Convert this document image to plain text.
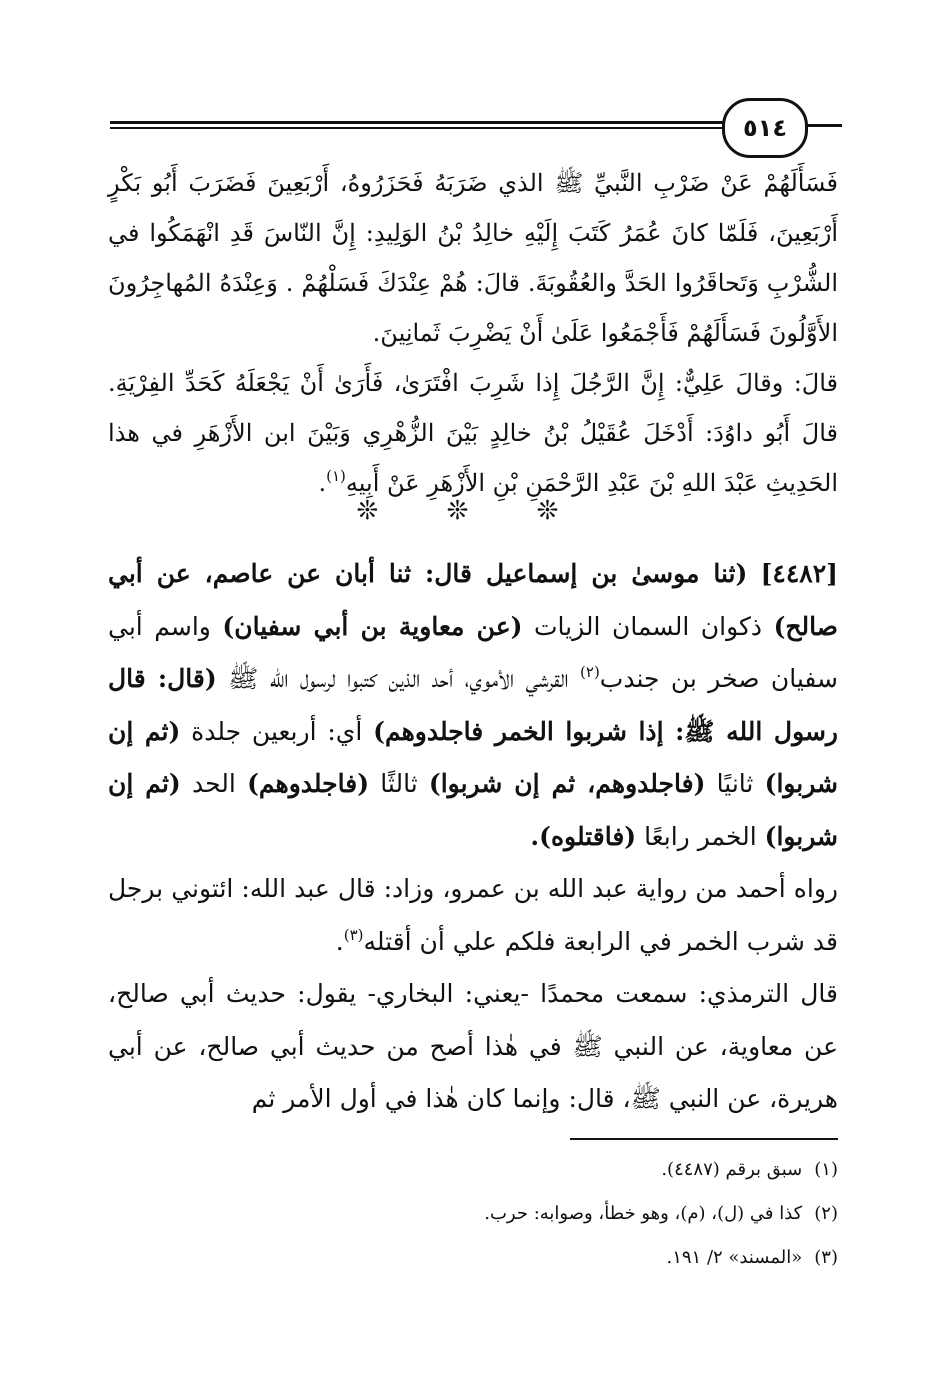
٥١٤

فَسَأَلَهُمْ عَنْ ضَرْبِ النَّبيِّ ﷺ الذي ضَرَبَهُ فَحَزَرُوهُ، أَرْبَعِينَ فَضَرَبَ أَبُو بَكْرٍ أَرْبَعِينَ، فَلَمّا كانَ عُمَرُ كَتَبَ إِلَيْهِ خالِدُ بْنُ الوَلِيدِ: إِنَّ النّاسَ قَدِ انْهَمَكُوا في الشُّرْبِ وَتَحاقَرُوا الحَدَّ والعُقُوبَةَ. قالَ: هُمْ عِنْدَكَ فَسَلْهُمْ . وَعِنْدَهُ المُهاجِرُونَ الأَوَّلُونَ فَسَأَلَهُمْ فَأَجْمَعُوا عَلَىٰ أَنْ يَضْرِبَ ثَمانِينَ.

قالَ: وقالَ عَلِيٌّ: إِنَّ الرَّجُلَ إِذا شَرِبَ افْتَرَىٰ، فَأَرَىٰ أَنْ يَجْعَلَهُ كَحَدِّ الفِرْيَةِ. قالَ أَبُو داوُدَ: أَدْخَلَ عُقَيْلُ بْنُ خالِدٍ بَيْنَ الزُّهْرِي وَبَيْنَ ابن الأَزْهَرِ في هذا الحَدِيثِ عَبْدَ اللهِ بْنَ عَبْدِ الرَّحْمَنِ بْنِ الأَزْهَرِ عَنْ أَبِيهِ$^{(١)}$.

❊ ❊ ❊

[٤٤٨٢] (ثنا موسىٰ بن إسماعيل قال: ثنا أبان عن عاصم، عن أبي صالح) ذكوان السمان الزيات (عن معاوية بن أبي سفيان) واسم أبي سفيان صخر بن جندب$^{(٢)}$ القرشي الأموي، أحد الذين كتبوا لرسول الله ﷺ (قال: قال رسول الله ﷺ: إذا شربوا الخمر فاجلدوهم) أي: أربعين جلدة (ثم إن شربوا) ثانيًا (فاجلدوهم، ثم إن شربوا) ثالثًا (فاجلدوهم) الحد (ثم إن شربوا) الخمر رابعًا (فاقتلوه).

رواه أحمد من رواية عبد الله بن عمرو، وزاد: قال عبد الله: ائتوني برجل قد شرب الخمر في الرابعة فلكم علي أن أقتله$^{(٣)}$.

قال الترمذي: سمعت محمدًا -يعني: البخاري- يقول: حديث أبي صالح، عن معاوية، عن النبي ﷺ في هٰذا أصح من حديث أبي صالح، عن أبي هريرة، عن النبي ﷺ، قال: وإنما كان هٰذا في أول الأمر ثم

(١)سبق برقم (٤٤٨٧).

(٢)كذا في (ل)، (م)، وهو خطأ، وصوابه: حرب.

(٣)«المسند» ٢/ ١٩١.
